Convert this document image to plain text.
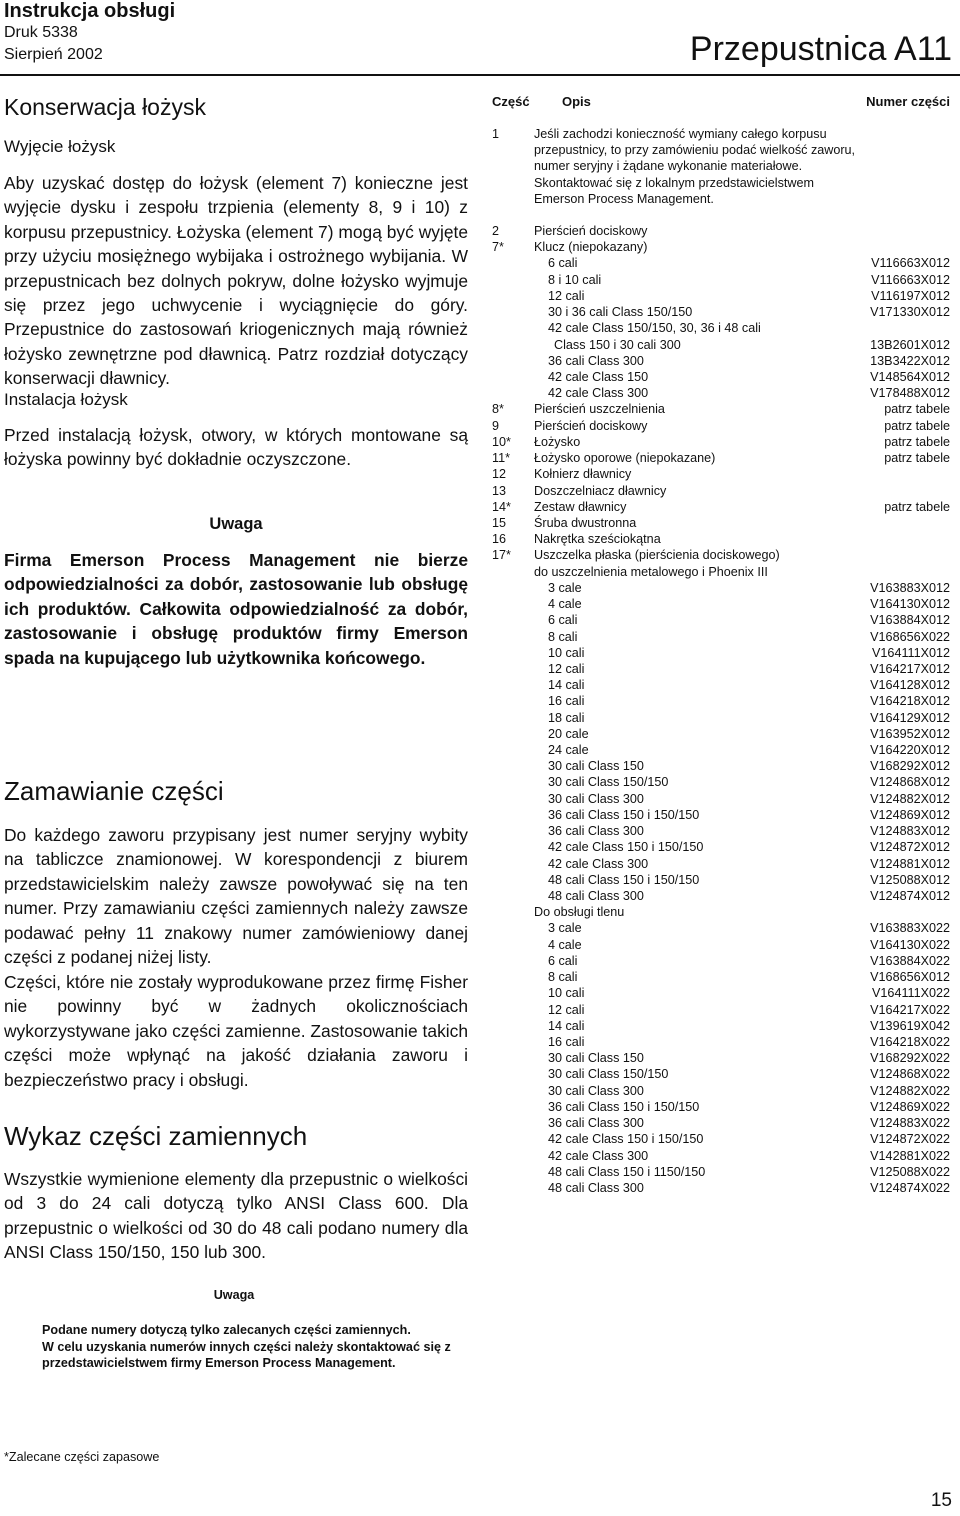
Instrukcja obsługi
Druk 5338
Sierpień 2002	Przepustnica A11
Konserwacja łożysk
Wyjęcie łożysk

Aby uzyskać dostęp do łożysk (element 7) konieczne jest wyjęcie dysku i zespołu trzpienia (elementy 8, 9 i 10) z korpusu przepustnicy. Łożyska (element 7) mogą być wyjęte przy użyciu mosiężnego wybijaka i ostrożnego wybijania. W przepustnicach bez dolnych pokryw, dolne łożysko wyjmuje się przez jego uchwycenie i wyciągnięcie do góry. Przepustnice do zastosowań kriogenicznych mają również łożysko zewnętrzne pod dławnicą. Patrz rozdział dotyczący konserwacji dławnicy.

Instalacja łożysk

Przed instalacją łożysk, otwory, w których montowane są łożyska powinny być dokładnie oczyszczone.

Uwaga
Firma Emerson Process Management nie bierze odpowiedzialności za dobór, zastosowanie lub obsługę ich produktów. Całkowita odpowiedzialność za dobór, zastosowanie i obsługę produktów firmy Emerson spada na kupującego lub użytkownika końcowego.
Zamawianie części

Do każdego zaworu przypisany jest numer seryjny wybity na tabliczce znamionowej. W korespondencji z biurem przedstawicielskim należy zawsze powoływać się na ten numer. Przy zamawianiu części zamiennych należy zawsze podawać pełny 11 znakowy numer zamówieniowy danej części z podanej niżej listy.

Części, które nie zostały wyprodukowane przez firmę Fisher nie powinny być w żadnych okolicznościach wykorzystywane jako części zamienne. Zastosowanie takich części może wpłynąć na jakość działania zaworu i bezpieczeństwo pracy i obsługi.

Wykaz części zamiennych

Wszystkie wymienione elementy dla przepustnic o wielkości od 3 do 24 cali dotyczą tylko ANSI Class 600. Dla przepustnic o wielkości od 30 do 48 cali podano numery dla ANSI Class 150/150, 150 lub 300.

Uwaga
Podane numery dotyczą tylko zalecanych części zamiennych.
W celu uzyskania numerów innych części należy skontaktować się z przedstawicielstwem firmy Emerson Process Management.
*Zalecane części zapasowe
15
Część Opis	Numer części
1	Jeśli zachodzi konieczność wymiany całego korpusu
przepustnicy, to przy zamówieniu podać wielkość zaworu,
numer seryjny i żądane wykonanie materiałowe.
Skontaktować się z lokalnym przedstawicielstwem
Emerson Process Management.
2	Pierścień dociskowy
7* Klucz (niepokazany)
6 cali	V116663X012
8 i 10 cali	V116663X012
12 cali	V116197X012
30 i 36 cali Class 150/150	V171330X012
42 cale Class 150/150, 30, 36 i 48 cali
Class 150 i 30 cali 300	13B2601X012
36 cali Class 300	13B3422X012
42 cale Class 150	V148564X012
42 cale Class 300	V178488X012
8* Pierścień uszczelnienia	patrz tabele
9	Pierścień dociskowy	patrz tabele
10* Łożysko	patrz tabele
11* Łożysko oporowe (niepokazane)	patrz tabele
12 Kołnierz dławnicy
13 Doszczelniacz dławnicy
14* Zestaw dławnicy	patrz tabele
15 Śruba dwustronna
16 Nakrętka sześciokątna
17* Uszczelka płaska (pierścienia dociskowego)
do uszczelnienia metalowego i Phoenix III
3 cale	V163883X012
4 cale	V164130X012
6 cali	V163884X012
8 cali	V168656X022
10 cali	V164111X012
12 cali	V164217X012
14 cali	V164128X012
16 cali	V164218X012
18 cali	V164129X012
20 cale	V163952X012
24 cale	V164220X012
30 cali Class 150	V168292X012
30 cali Class 150/150	V124868X012
30 cali Class 300	V124882X012
36 cali Class 150 i 150/150	V124869X012
36 cali Class 300	V124883X012
42 cale Class 150 i 150/150	V124872X012
42 cale Class 300	V124881X012
48 cali Class 150 i 150/150	V125088X012
48 cali Class 300	V124874X012
Do obsługi tlenu
3 cale	V163883X022
4 cale	V164130X022
6 cali	V163884X022
8 cali	V168656X012
10 cali	V164111X022
12 cali	V164217X022
14 cali	V139619X042
16 cali	V164218X022
30 cali Class 150	V168292X022
30 cali Class 150/150	V124868X022
30 cali Class 300	V124882X022
36 cali Class 150 i 150/150	V124869X022
36 cali Class 300	V124883X022
42 cale Class 150 i 150/150	V124872X022
42 cale Class 300	V142881X022
48 cali Class 150 i 1150/150	V125088X022
48 cali Class 300	V124874X022
